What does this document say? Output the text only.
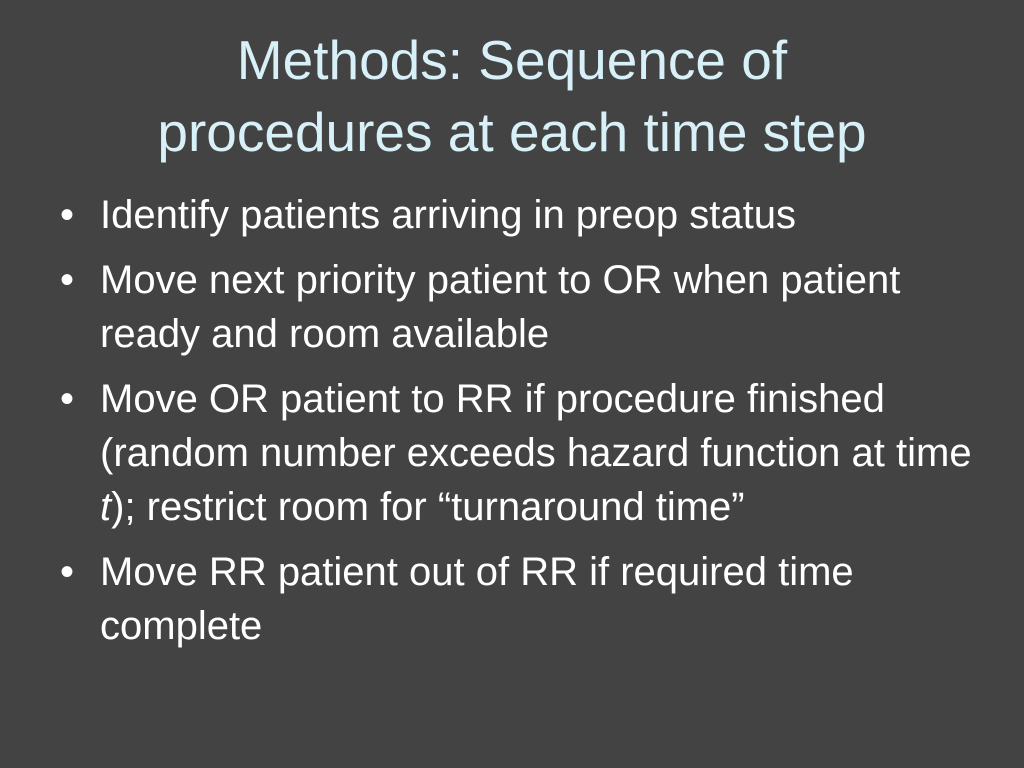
Methods: Sequence of
procedures at each time step
• Identify patients arriving in preop status
• Move next priority patient to OR when patient ready and room available
• Move OR patient to RR if procedure finished (random number exceeds hazard function at time t); restrict room for “turnaround time”
• Move RR patient out of RR if required time complete
